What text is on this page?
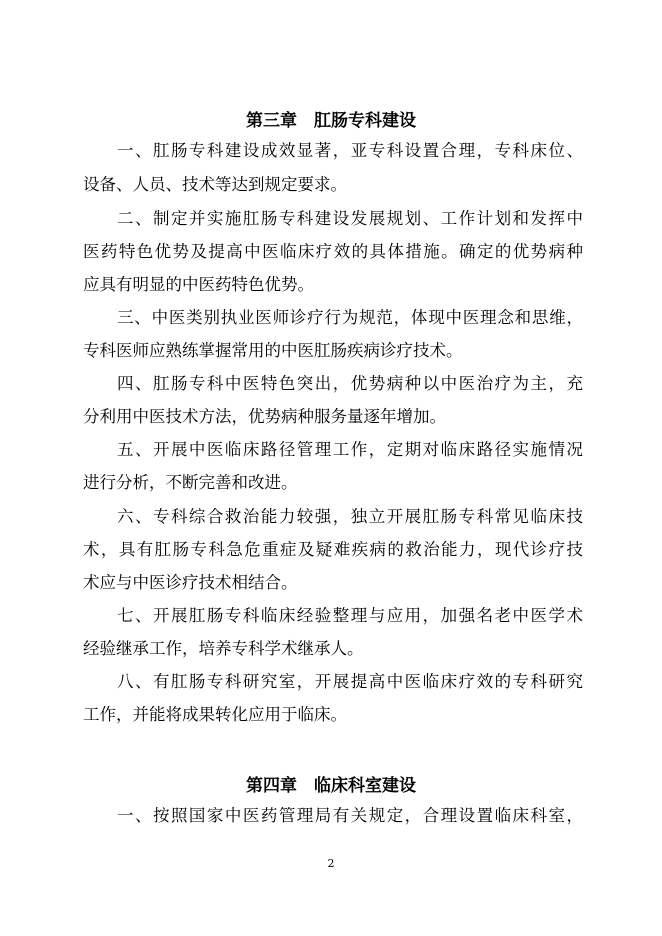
第三章　肛肠专科建设
一、肛肠专科建设成效显著，亚专科设置合理，专科床位、
设备、人员、技术等达到规定要求。
二、制定并实施肛肠专科建设发展规划、工作计划和发挥中
医药特色优势及提高中医临床疗效的具体措施。确定的优势病种
应具有明显的中医药特色优势。
三、中医类别执业医师诊疗行为规范，体现中医理念和思维，
专科医师应熟练掌握常用的中医肛肠疾病诊疗技术。
四、肛肠专科中医特色突出，优势病种以中医治疗为主，充
分利用中医技术方法，优势病种服务量逐年增加。
五、开展中医临床路径管理工作，定期对临床路径实施情况
进行分析，不断完善和改进。
六、专科综合救治能力较强，独立开展肛肠专科常见临床技
术，具有肛肠专科急危重症及疑难疾病的救治能力，现代诊疗技
术应与中医诊疗技术相结合。
七、开展肛肠专科临床经验整理与应用，加强名老中医学术
经验继承工作，培养专科学术继承人。
八、有肛肠专科研究室，开展提高中医临床疗效的专科研究
工作，并能将成果转化应用于临床。
第四章　临床科室建设
一、按照国家中医药管理局有关规定，合理设置临床科室，
2
